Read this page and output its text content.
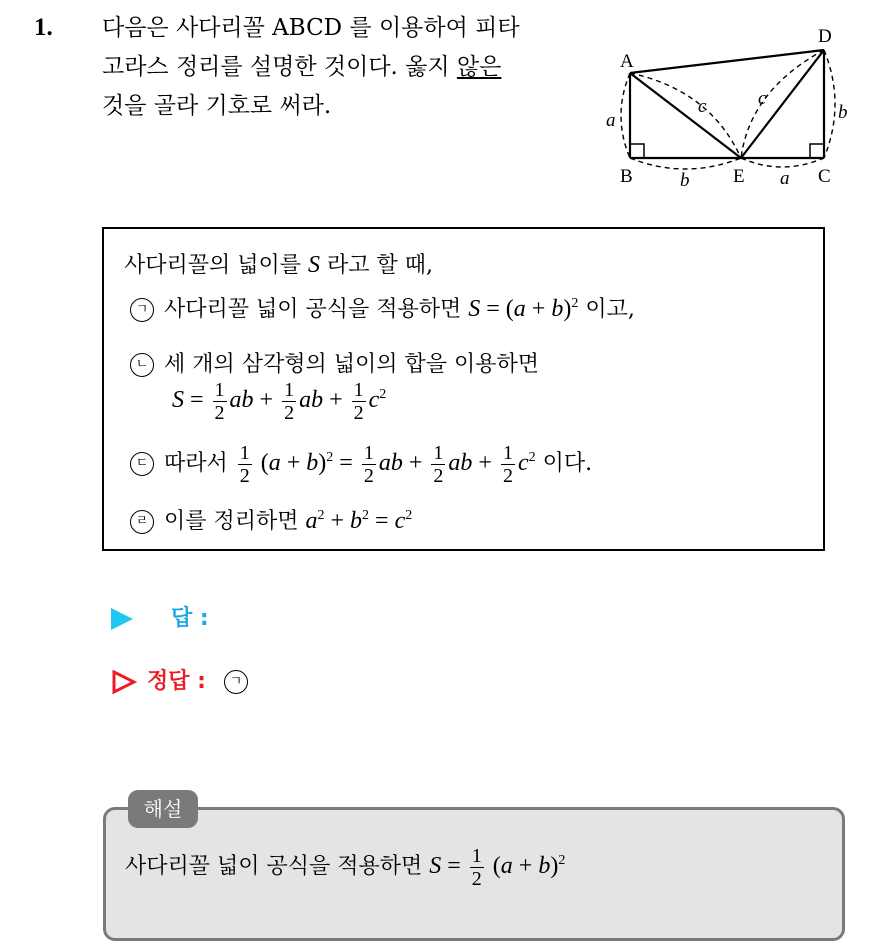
1. 다음은 사다리꼴 ABCD 를 이용하여 피타
고라스 정리를 설명한 것이다. 옳지 않은
것을 골라 기호로 써라.
A
D
B	E	C
a	b
b	a
c	c
사다리꼴의 넓이를 S 라고 할 때,
ㄱ 사다리꼴 넓이 공식을 적용하면 $S = (a + b)^2$ 이고,
ㄴ 세 개의 삼각형의 넓이의 합을 이용하면
$S = \frac{1}{2}$ ab + $\frac{1}{2}$ ab + $\frac{1}{2} c^2$
ㄷ 따라서 $\frac{1}{2} (a + b)^2 = \frac{1}{2}$ ab + $\frac{1}{2}$ ab + $\frac{1}{2} c^2$ 이다.
ㄹ 이를 정리하면 $a^2 + b^2 = c^2$
답 :
정답 : ㄱ
해설
사다리꼴 넓이 공식을 적용하면 $S = \frac{1}{2} (a + b)^2$
